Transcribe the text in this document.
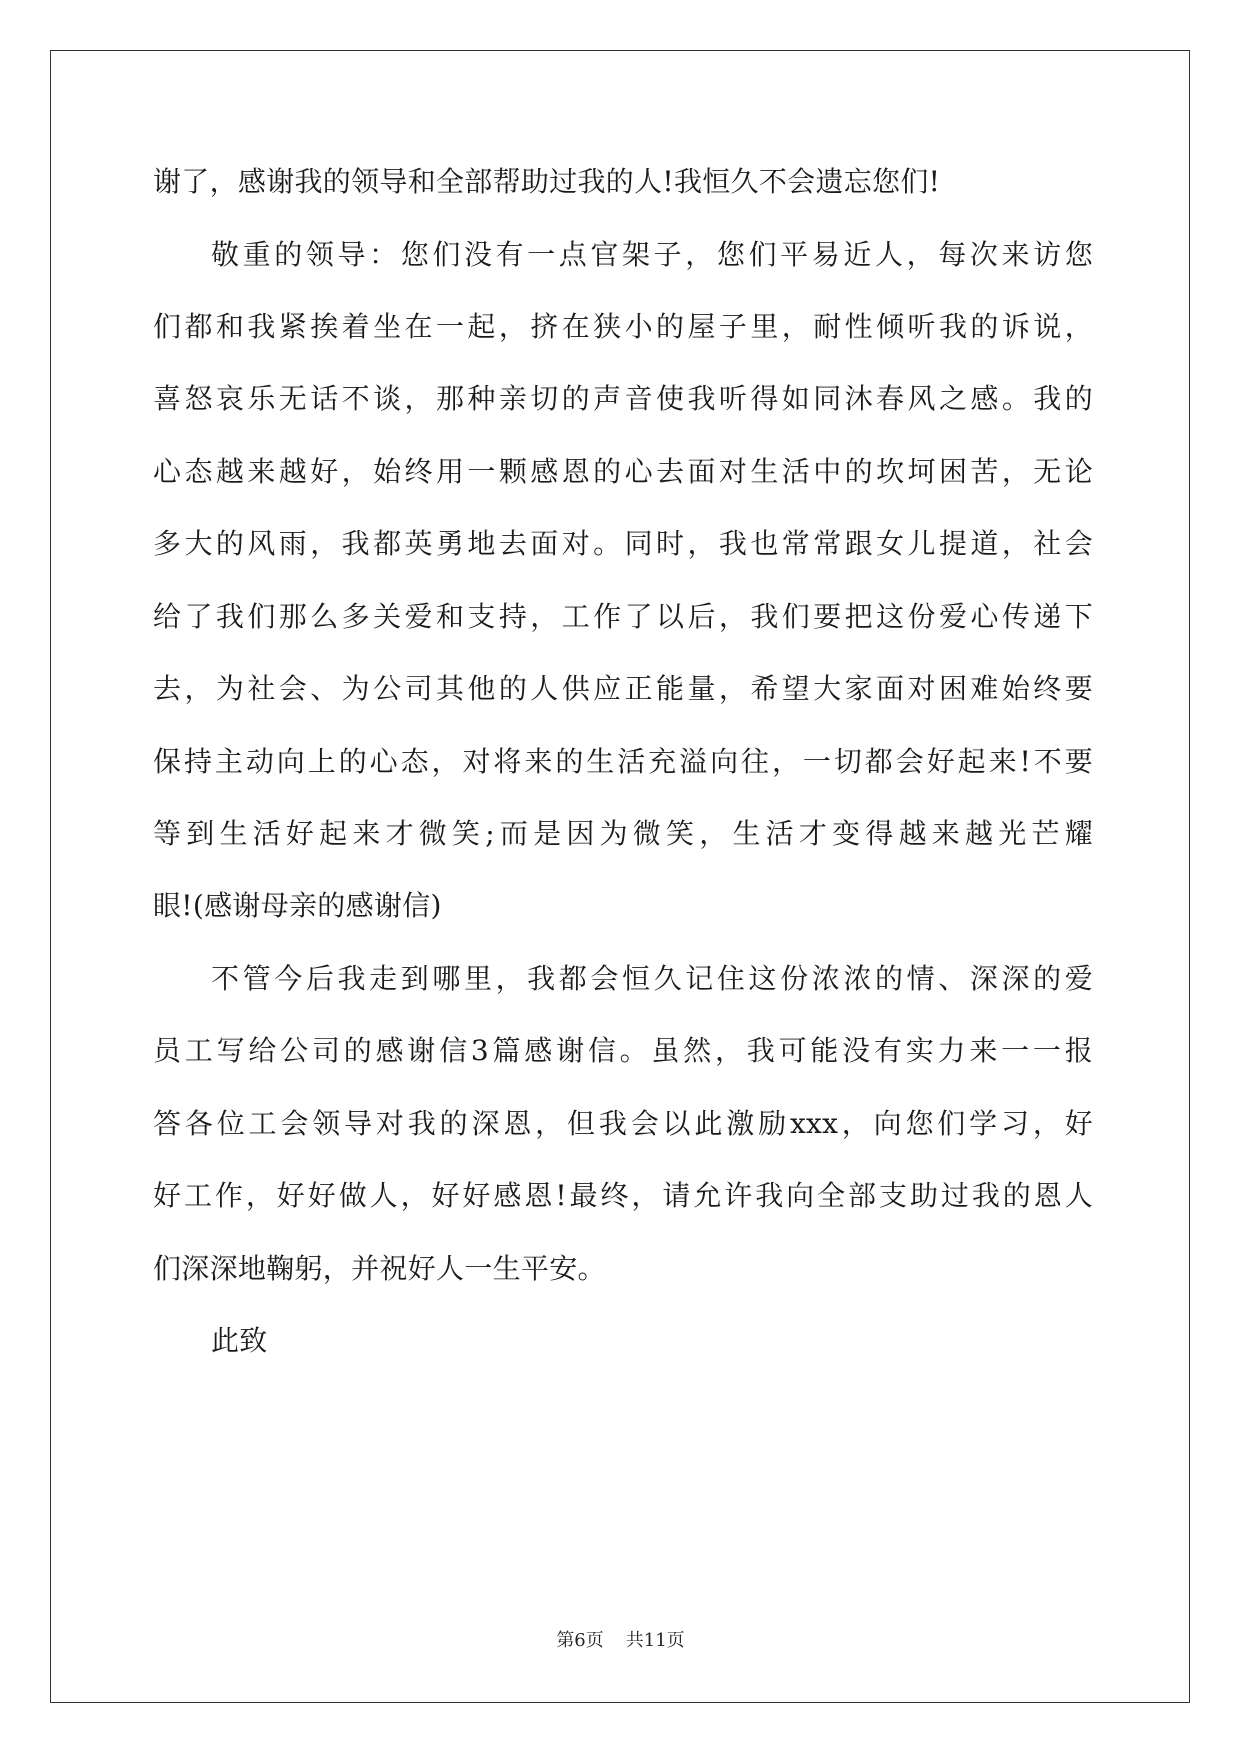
谢了，感谢我的领导和全部帮助过我的人!我恒久不会遗忘您们!
敬重的领导：您们没有一点官架子，您们平易近人，每次来访您
们都和我紧挨着坐在一起，挤在狭小的屋子里，耐性倾听我的诉说，
喜怒哀乐无话不谈，那种亲切的声音使我听得如同沐春风之感。我的
心态越来越好，始终用一颗感恩的心去面对生活中的坎坷困苦，无论
多大的风雨，我都英勇地去面对。同时，我也常常跟女儿提道，社会
给了我们那么多关爱和支持，工作了以后，我们要把这份爱心传递下
去，为社会、为公司其他的人供应正能量，希望大家面对困难始终要
保持主动向上的心态，对将来的生活充溢向往，一切都会好起来!不要
等到生活好起来才微笑;而是因为微笑，生活才变得越来越光芒耀
眼!(感谢母亲的感谢信)
不管今后我走到哪里，我都会恒久记住这份浓浓的情、深深的爱
员工写给公司的感谢信3篇感谢信。虽然，我可能没有实力来一一报
答各位工会领导对我的深恩，但我会以此激励xxx，向您们学习，好
好工作，好好做人，好好感恩!最终，请允许我向全部支助过我的恩人
们深深地鞠躬，并祝好人一生平安。
此致
第6页 共11页
